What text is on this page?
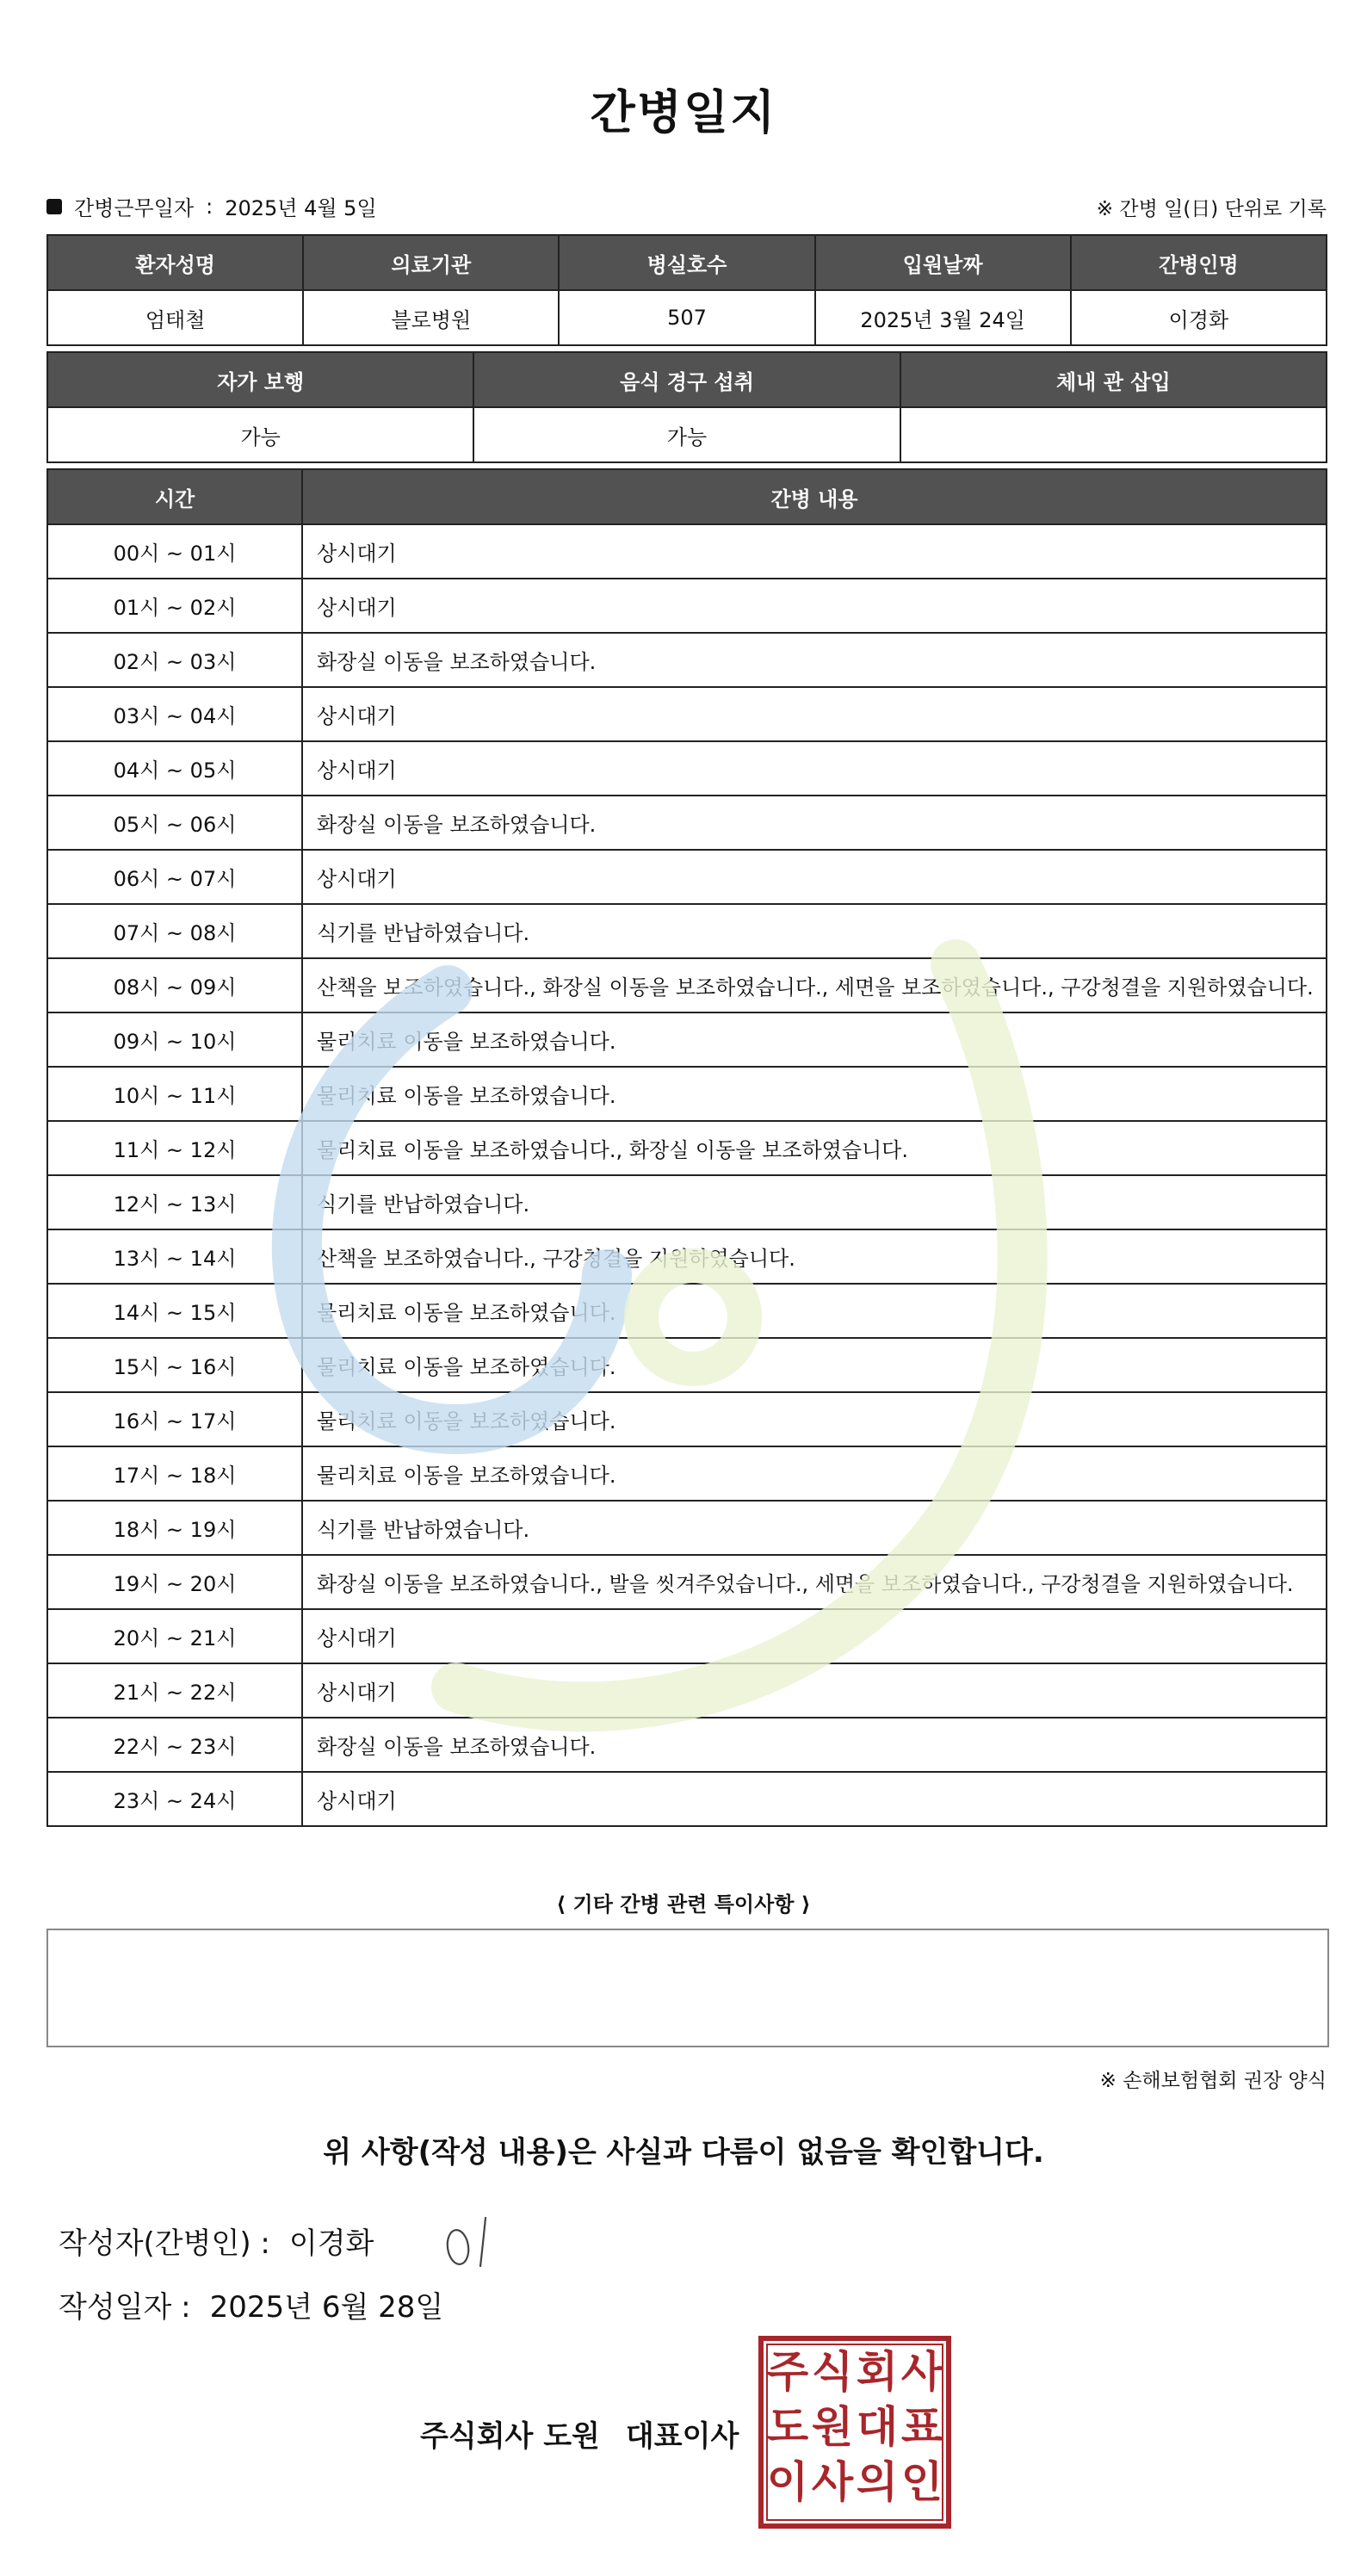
간병일지
간병근무일자 : 2025년 4월 5일	※ 간병 일(日) 단위로 기록
환자성명	의료기관	병실호수	입원날짜	간병인명
엄태철	블로병원	507	2025년 3월 24일	이경화
자가 보행	음식 경구 섭취	체내 관 삽입
가능	가능	
시간	간병 내용
00시 ~ 01시	상시대기
01시 ~ 02시	상시대기
02시 ~ 03시	화장실 이동을 보조하였습니다.
03시 ~ 04시	상시대기
04시 ~ 05시	상시대기
05시 ~ 06시	화장실 이동을 보조하였습니다.
06시 ~ 07시	상시대기
07시 ~ 08시	식기를 반납하였습니다.
08시 ~ 09시	산책을 보조하였습니다., 화장실 이동을 보조하였습니다., 세면을 보조하였습니다., 구강청결을 지원하였습니다.
09시 ~ 10시	물리치료 이동을 보조하였습니다.
10시 ~ 11시	물리치료 이동을 보조하였습니다.
11시 ~ 12시	물리치료 이동을 보조하였습니다., 화장실 이동을 보조하였습니다.
12시 ~ 13시	식기를 반납하였습니다.
13시 ~ 14시	산책을 보조하였습니다., 구강청결을 지원하였습니다.
14시 ~ 15시	물리치료 이동을 보조하였습니다.
15시 ~ 16시	물리치료 이동을 보조하였습니다.
16시 ~ 17시	물리치료 이동을 보조하였습니다.
17시 ~ 18시	물리치료 이동을 보조하였습니다.
18시 ~ 19시	식기를 반납하였습니다.
19시 ~ 20시	화장실 이동을 보조하였습니다., 발을 씻겨주었습니다., 세면을 보조하였습니다., 구강청결을 지원하였습니다.
20시 ~ 21시	상시대기
21시 ~ 22시	상시대기
22시 ~ 23시	화장실 이동을 보조하였습니다.
23시 ~ 24시	상시대기
⟨ 기타 간병 관련 특이사항 ⟩
※ 손해보험협회 권장 양식
위 사항(작성 내용)은 사실과 다름이 없음을 확인합니다.
작성자(간병인) : 이경화
작성일자 : 2025년 6월 28일
주식회사 도원 대표이사
주 식 회 사
도 원 대 표
이 사 의 인
